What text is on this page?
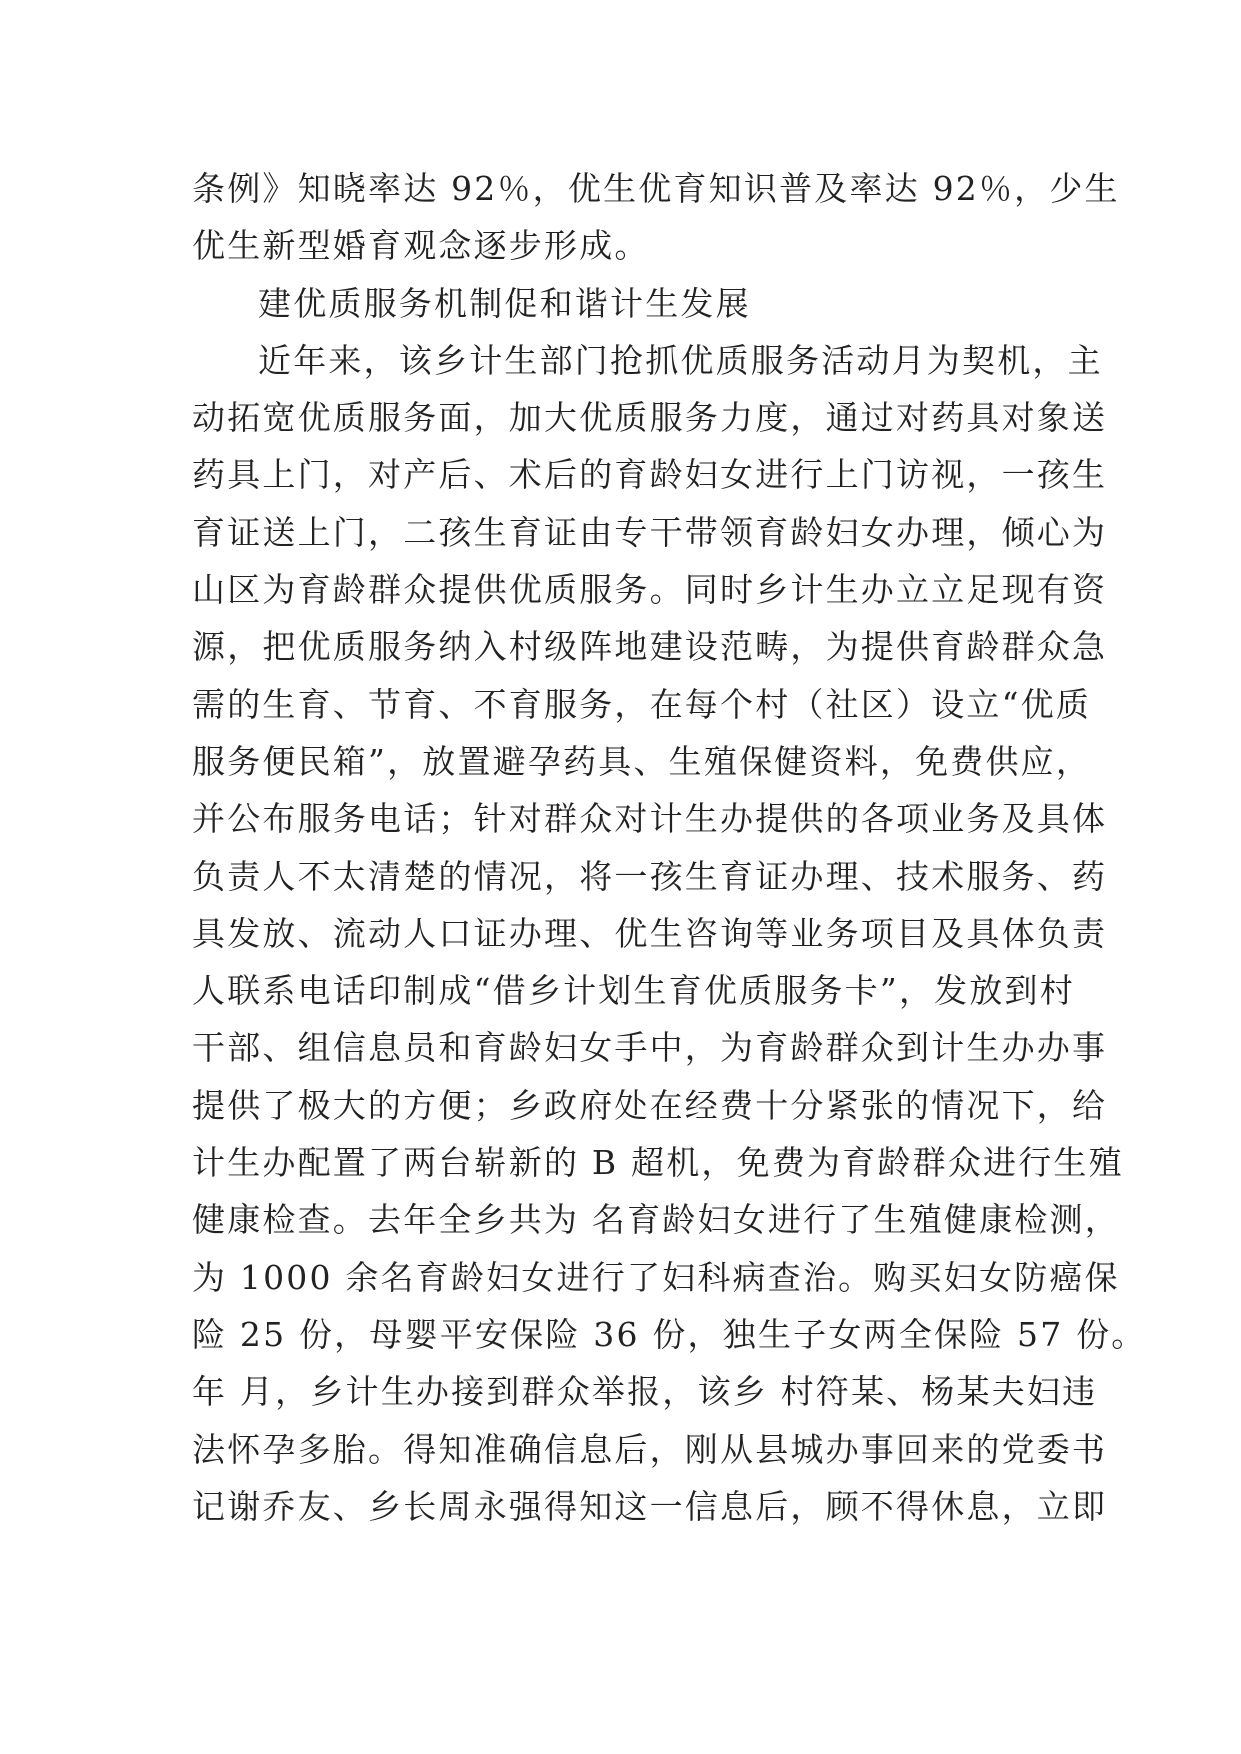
条例》知晓率达 92％，优生优育知识普及率达 92％，少生

优生新型婚育观念逐步形成。

建优质服务机制促和谐计生发展

近年来，该乡计生部门抢抓优质服务活动月为契机，主

动拓宽优质服务面，加大优质服务力度，通过对药具对象送

药具上门，对产后、术后的育龄妇女进行上门访视，一孩生

育证送上门，二孩生育证由专干带领育龄妇女办理，倾心为

山区为育龄群众提供优质服务。同时乡计生办立立足现有资

源，把优质服务纳入村级阵地建设范畴，为提供育龄群众急

需的生育、节育、不育服务，在每个村（社区）设立“优质

服务便民箱”，放置避孕药具、生殖保健资料，免费供应，

并公布服务电话；针对群众对计生办提供的各项业务及具体

负责人不太清楚的情况，将一孩生育证办理、技术服务、药

具发放、流动人口证办理、优生咨询等业务项目及具体负责

人联系电话印制成“借乡计划生育优质服务卡”，发放到村

干部、组信息员和育龄妇女手中，为育龄群众到计生办办事

提供了极大的方便；乡政府处在经费十分紧张的情况下，给

计生办配置了两台崭新的 B 超机，免费为育龄群众进行生殖

健康检查。去年全乡共为 名育龄妇女进行了生殖健康检测，

为 1000 余名育龄妇女进行了妇科病查治。购买妇女防癌保

险 25 份，母婴平安保险 36 份，独生子女两全保险 57 份。

年 月，乡计生办接到群众举报，该乡 村符某、杨某夫妇违

法怀孕多胎。得知准确信息后，刚从县城办事回来的党委书

记谢乔友、乡长周永强得知这一信息后，顾不得休息，立即
